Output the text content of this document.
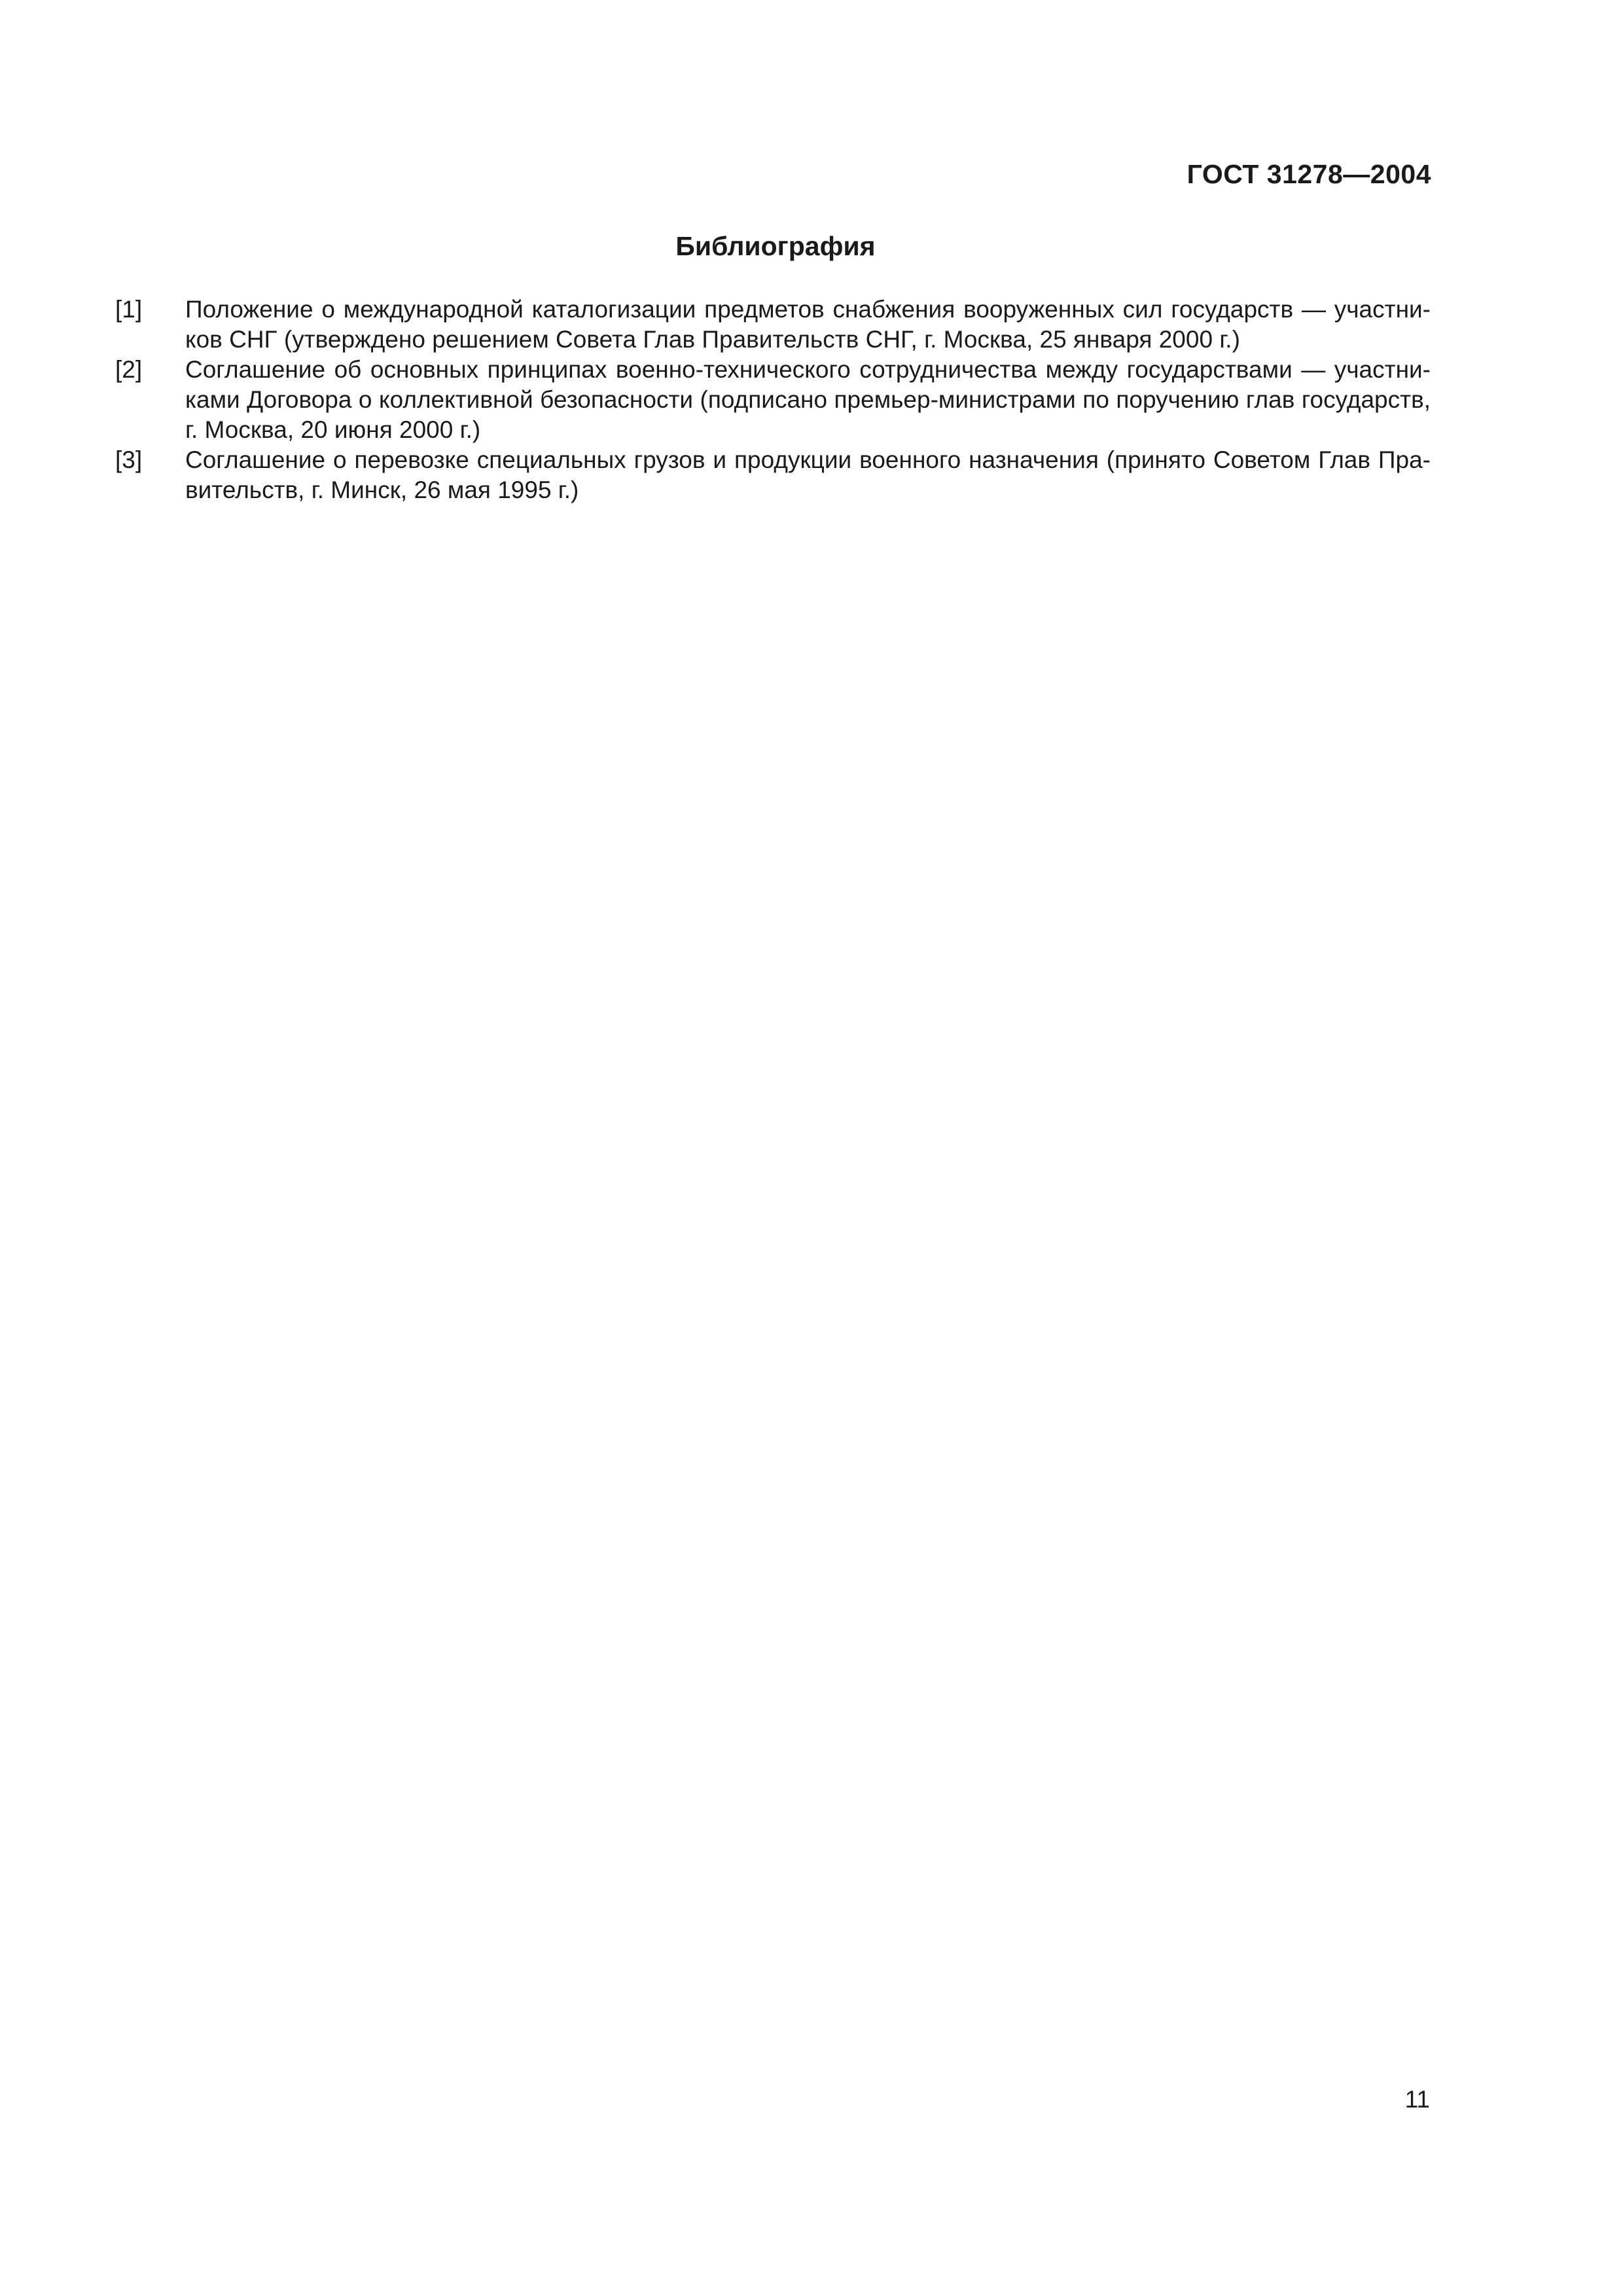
ГОСТ 31278—2004
Библиография
[1]	Положение о международной каталогизации предметов снабжения вооруженных сил государств — участни-
ков СНГ (утверждено решением Совета Глав Правительств СНГ, г. Москва, 25 января 2000 г.)
[2]	Соглашение об основных принципах военно-технического сотрудничества между государствами — участни-
ками Договора о коллективной безопасности (подписано премьер-министрами по поручению глав государств,
г. Москва, 20 июня 2000 г.)
[3]	Соглашение о перевозке специальных грузов и продукции военного назначения (принято Советом Глав Пра-
вительств, г. Минск, 26 мая 1995 г.)
11
